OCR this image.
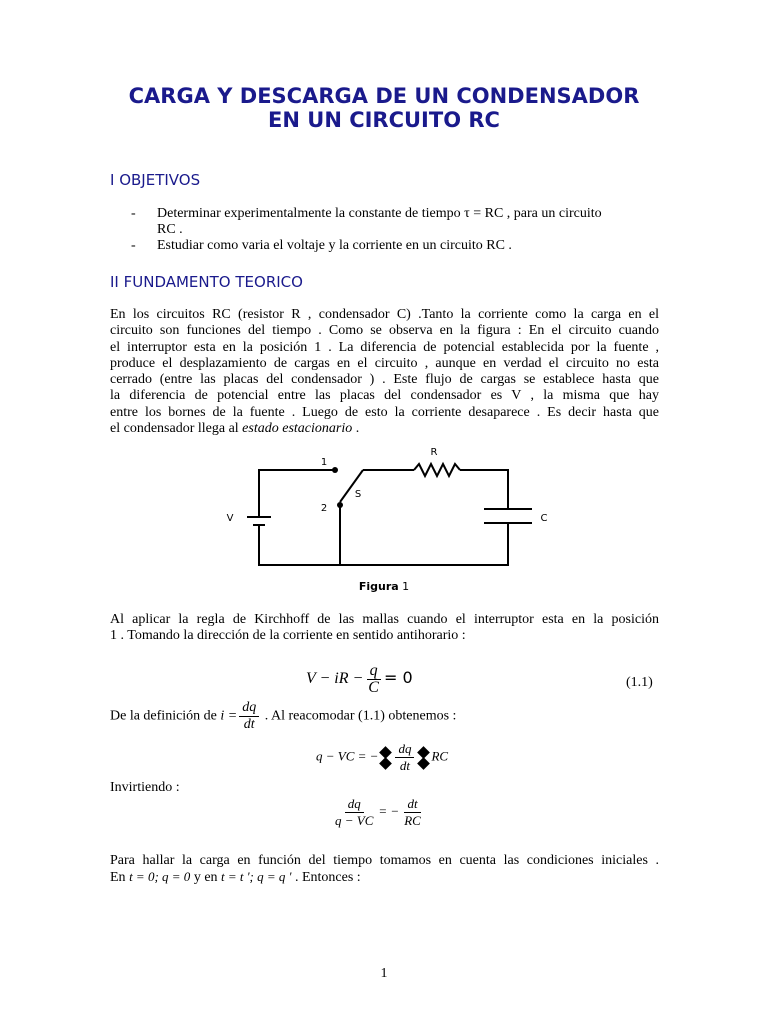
CARGA Y DESCARGA DE UN CONDENSADOR
EN UN CIRCUITO RC
I OBJETIVOS
- Determinar experimentalmente la constante de tiempo τ = RC , para un circuito
RC .
- Estudiar como varia el voltaje y la corriente en un circuito RC .
II FUNDAMENTO TEORICO
En los circuitos RC (resistor R , condensador C) .Tanto la corriente como la carga en el
circuito son funciones del tiempo . Como se observa en la figura : En el circuito cuando
el interruptor esta en la posición 1 . La diferencia de potencial establecida por la fuente ,
produce el desplazamiento de cargas en el circuito , aunque en verdad el circuito no esta
cerrado (entre las placas del condensador ) . Este flujo de cargas se establece hasta que
la diferencia de potencial entre las placas del condensador es V , la misma que hay
entre los bornes de la fuente . Luego de esto la corriente desaparece . Es decir hasta que
el condensador llega al estado estacionario .
R
1
2
S
V	C
Figura 1
Al aplicar la regla de Kirchhoff de las mallas cuando el interruptor esta en la posición
1 . Tomando la dirección de la corriente en sentido antihorario :
V − iR − $\frac{q}{C} = 0$	(1.1)
De la definición de $i = \frac{dq}{dt}$ . Al reacomodar (1.1) obtenemos :
q − VC = − $\frac{dq}{dt}$ RC
Invirtiendo :
$\frac{dq}{q - VC}$ = − $\frac{dt}{RC}$
Para hallar la carga en función del tiempo tomamos en cuenta las condiciones iniciales .
En t = 0; q = 0 y en t = t '; q = q ' . Entonces :
1
